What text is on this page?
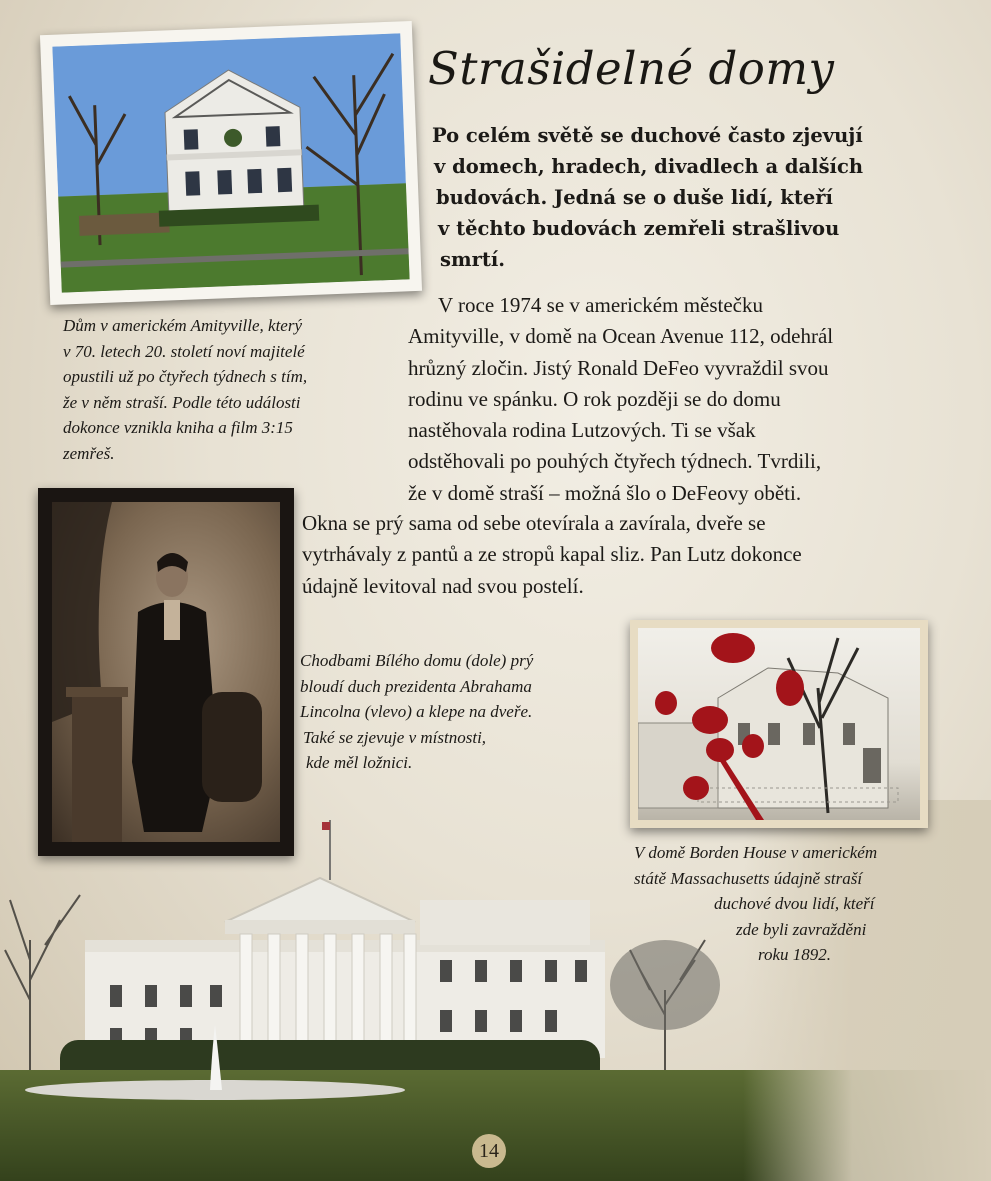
Strašidelné domy
Po celém světě se duchové často zjevují
v domech, hradech, divadlech a dalších
budovách. Jedná se o duše lidí, kteří
v těchto budovách zemřeli strašlivou
smrtí.
Dům v americkém Amityville, který
v 70. letech 20. století noví majitelé
opustili už po čtyřech týdnech s tím,
že v něm straší. Podle této události
dokonce vznikla kniha a film 3:15
zemřeš.
V roce 1974 se v americkém městečku
Amityville, v domě na Ocean Avenue 112, odehrál
hrůzný zločin. Jistý Ronald DeFeo vyvraždil svou
rodinu ve spánku. O rok později se do domu
nastěhovala rodina Lutzových. Ti se však
odstěhovali po pouhých čtyřech týdnech. Tvrdili,
že v domě straší – možná šlo o DeFeovy oběti.
Okna se prý sama od sebe otevírala a zavírala, dveře se
vytrhávaly z pantů a ze stropů kapal sliz. Pan Lutz dokonce
údajně levitoval nad svou postelí.
Chodbami Bílého domu (dole) prý
bloudí duch prezidenta Abrahama
Lincolna (vlevo) a klepe na dveře.
Také se zjevuje v místnosti,
kde měl ložnici.
V domě Borden House v americkém
státě Massachusetts údajně straší
duchové dvou lidí, kteří
zde byli zavražděni
roku 1892.
14
